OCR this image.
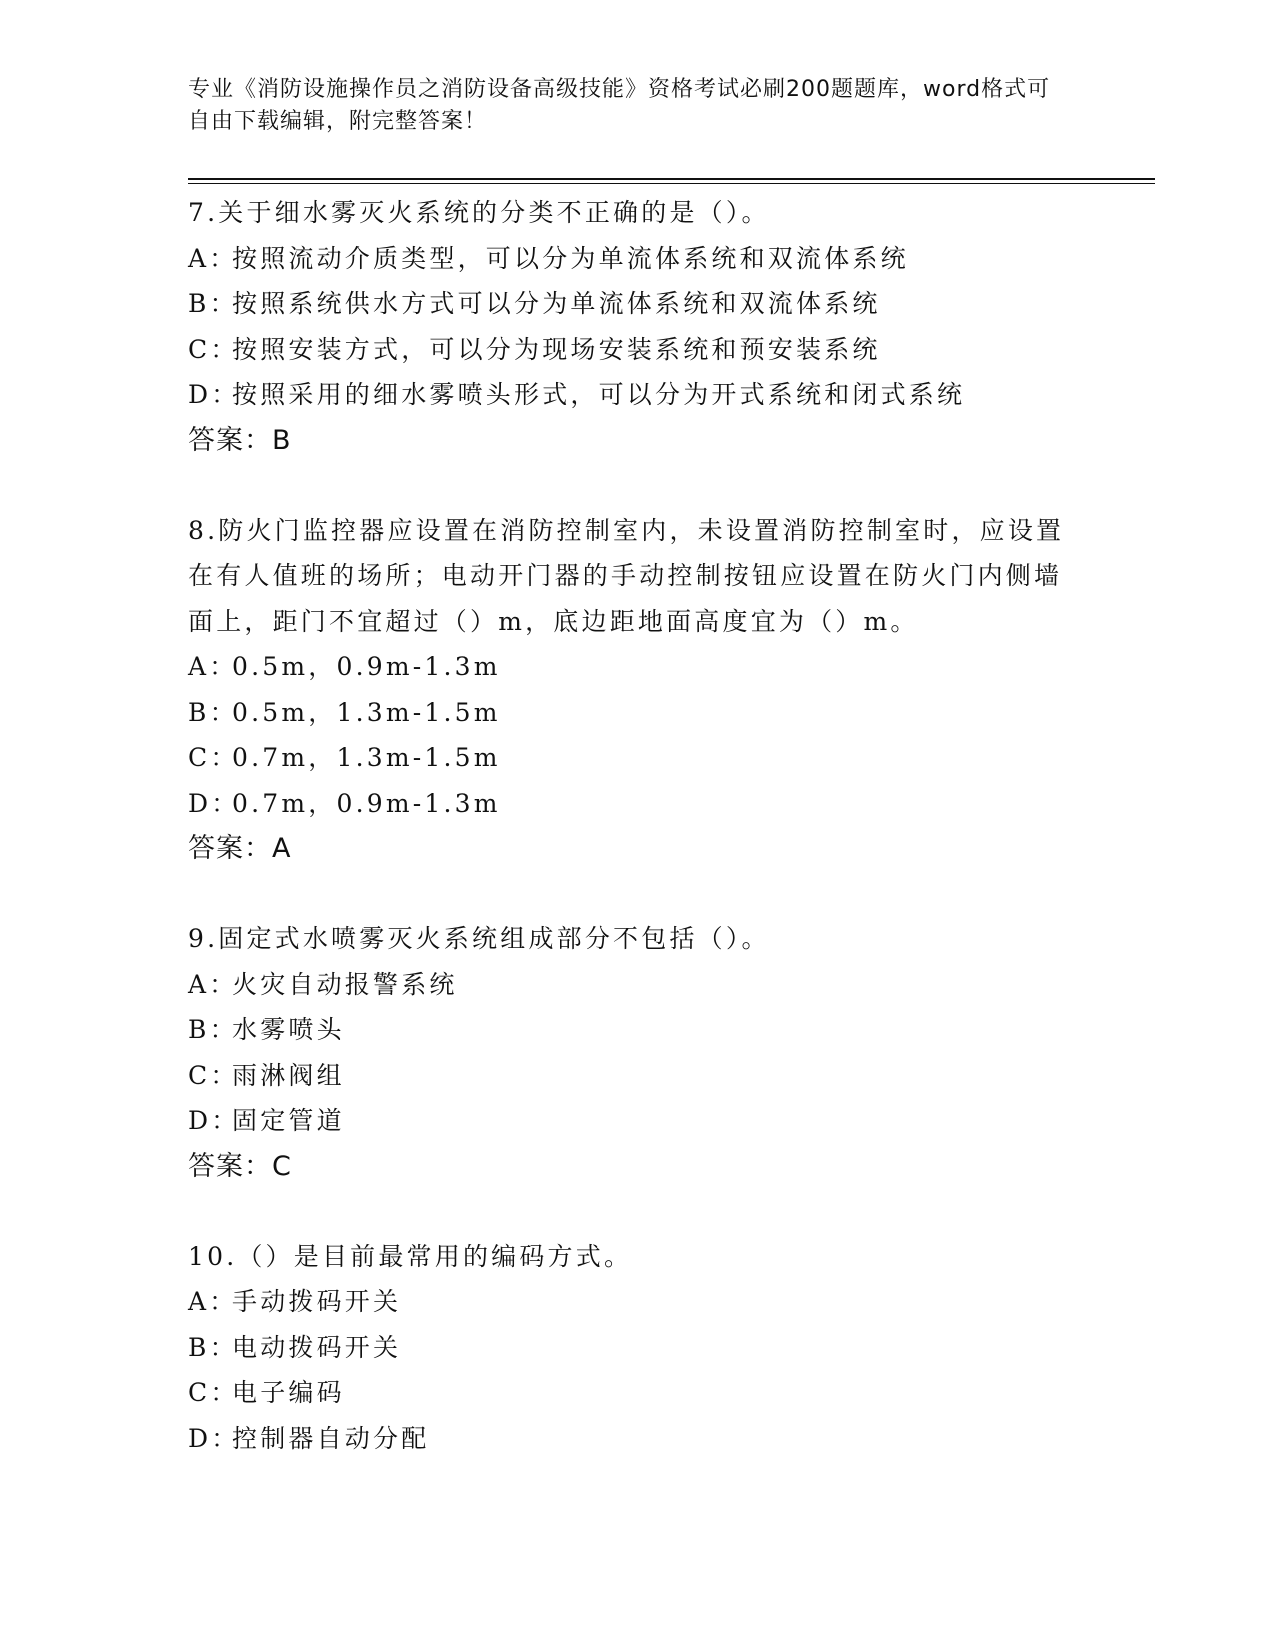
专业《消防设施操作员之消防设备高级技能》资格考试必刷200题题库，word格式可自由下载编辑，附完整答案！
7.关于细水雾灭火系统的分类不正确的是（）。
A：按照流动介质类型，可以分为单流体系统和双流体系统
B：按照系统供水方式可以分为单流体系统和双流体系统
C：按照安装方式，可以分为现场安装系统和预安装系统
D：按照采用的细水雾喷头形式，可以分为开式系统和闭式系统
答案：B
8.防火门监控器应设置在消防控制室内，未设置消防控制室时，应设置在有人值班的场所；电动开门器的手动控制按钮应设置在防火门内侧墙面上，距门不宜超过（）m，底边距地面高度宜为（）m。
A：0.5m，0.9m-1.3m
B：0.5m，1.3m-1.5m
C：0.7m，1.3m-1.5m
D：0.7m，0.9m-1.3m
答案：A
9.固定式水喷雾灭火系统组成部分不包括（）。
A：火灾自动报警系统
B：水雾喷头
C：雨淋阀组
D：固定管道
答案：C
10.（）是目前最常用的编码方式。
A：手动拨码开关
B：电动拨码开关
C：电子编码
D：控制器自动分配
